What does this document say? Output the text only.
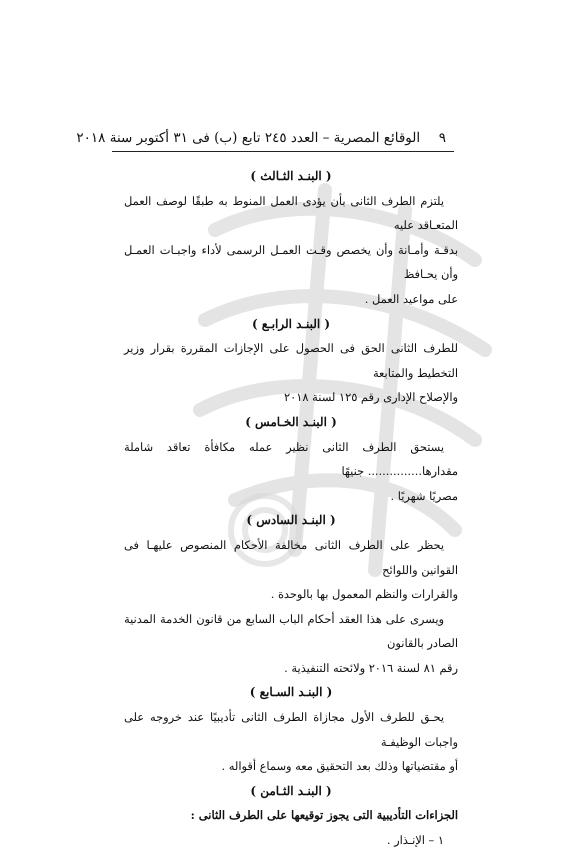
٩  الوقائع المصرية – العدد ٢٤٥ تابع (ب) فى ٣١ أكتوبر سنة ٢٠١٨
( البنـد الثـالث )
يلتزم الطرف الثانى بأن يؤدى العمل المنوط به طبقًا لوصف العمل المتعـاقد عليه
بدقـة وأمـانة وأن يخصص وقـت العمـل الرسمى لأداء واجبـات العمـل وأن يحـافظ
على مواعيد العمل .
( البنـد الرابـع )
للطرف الثانى الحق فى الحصول على الإجازات المقررة بقرار وزير التخطيط والمتابعة
والإصلاح الإدارى رقم ١٢٥ لسنة ٢٠١٨
( البنـد الخـامس )
يستحق الطرف الثانى نظير عمله مكافأة تعاقد شاملة مقدارها............... جنيهًا
مصريًا شهريًا .
( البنـد السادس )
يحظر على الطرف الثانى مخالفة الأحكام المنصوص عليهـا فى القوانين واللوائح
والقرارات والنظم المعمول بها بالوحدة .
ويسرى على هذا العقد أحكام الباب السابع من قانون الخدمة المدنية الصادر بالقانون
رقم ٨١ لسنة ٢٠١٦ ولائحته التنفيذية .
( البنـد السـابع )
يحـق للطرف الأول مجازاة الطرف الثانى تأديبيًا عند خروجه على واجبات الوظيفـة
أو مقتضياتها وذلك بعد التحقيق معه وسماع أقواله .
( البنـد الثـامن )
الجزاءات التأديبية التى يجوز توقيعها على الطرف الثانى :
١ – الإنـذار .
